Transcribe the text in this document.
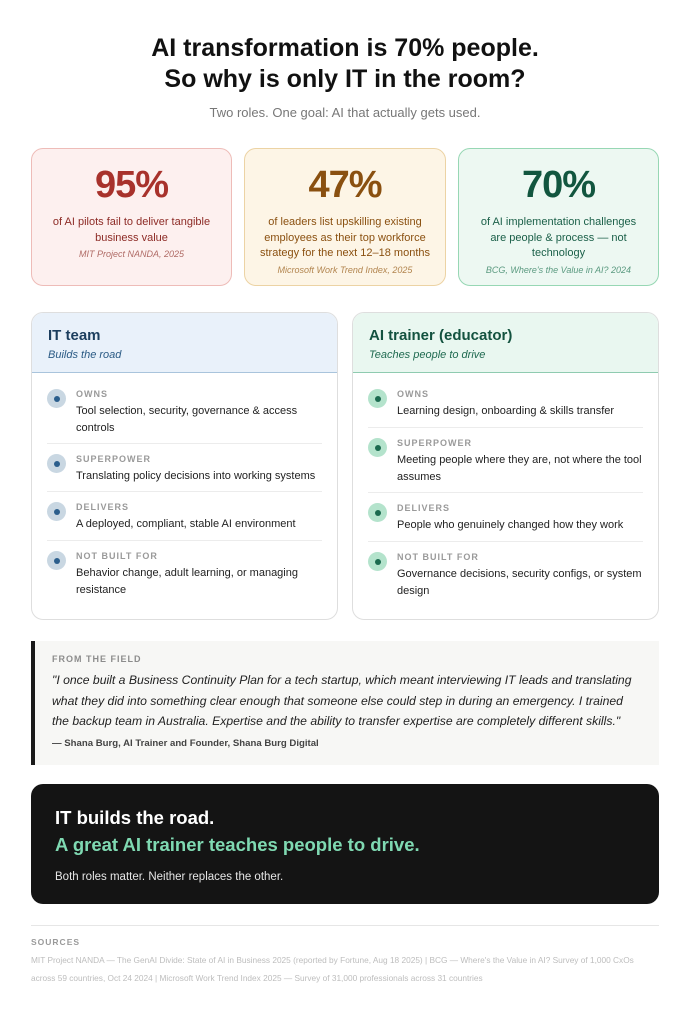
AI transformation is 70% people.
So why is only IT in the room?
Two roles. One goal: AI that actually gets used.
95%
of AI pilots fail to deliver tangible business value
MIT Project NANDA, 2025
47%
of leaders list upskilling existing employees as their top workforce strategy for the next 12–18 months
Microsoft Work Trend Index, 2025
70%
of AI implementation challenges are people & process — not technology
BCG, Where's the Value in AI? 2024
IT team
Builds the road
OWNS
Tool selection, security, governance & access controls
SUPERPOWER
Translating policy decisions into working systems
DELIVERS
A deployed, compliant, stable AI environment
NOT BUILT FOR
Behavior change, adult learning, or managing resistance
AI trainer (educator)
Teaches people to drive
OWNS
Learning design, onboarding & skills transfer
SUPERPOWER
Meeting people where they are, not where the tool assumes
DELIVERS
People who genuinely changed how they work
NOT BUILT FOR
Governance decisions, security configs, or system design
FROM THE FIELD
"I once built a Business Continuity Plan for a tech startup, which meant interviewing IT leads and translating what they did into something clear enough that someone else could step in during an emergency. I trained the backup team in Australia. Expertise and the ability to transfer expertise are completely different skills."
— Shana Burg, AI Trainer and Founder, Shana Burg Digital
IT builds the road.
A great AI trainer teaches people to drive.
Both roles matter. Neither replaces the other.
SOURCES
MIT Project NANDA — The GenAI Divide: State of AI in Business 2025 (reported by Fortune, Aug 18 2025) | BCG — Where's the Value in AI? Survey of 1,000 CxOs across 59 countries, Oct 24 2024 | Microsoft Work Trend Index 2025 — Survey of 31,000 professionals across 31 countries
